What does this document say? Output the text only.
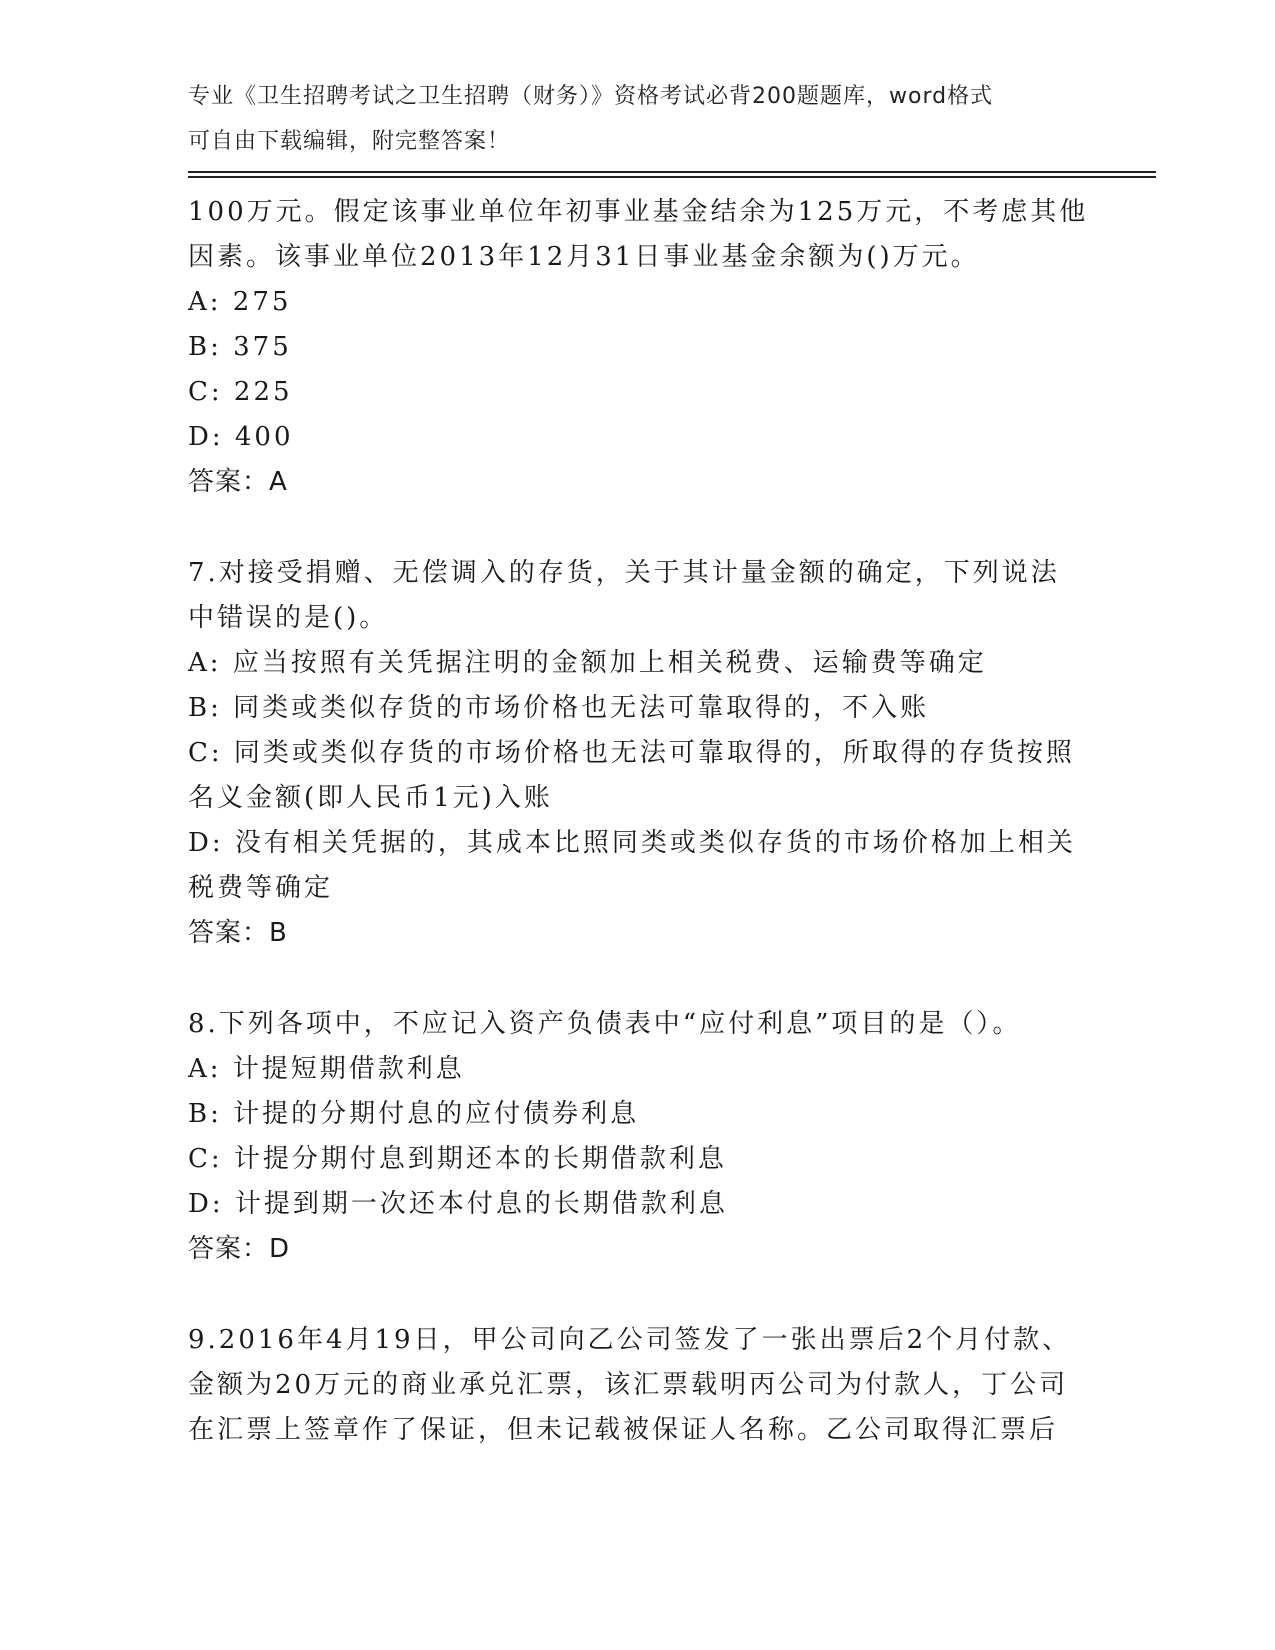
专业《卫生招聘考试之卫生招聘（财务）》资格考试必背200题题库，word格式
可自由下载编辑，附完整答案！
100万元。假定该事业单位年初事业基金结余为125万元，不考虑其他
因素。该事业单位2013年12月31日事业基金余额为()万元。
A: 275
B: 375
C: 225
D: 400
答案：A
7.对接受捐赠、无偿调入的存货，关于其计量金额的确定，下列说法
中错误的是()。
A: 应当按照有关凭据注明的金额加上相关税费、运输费等确定
B: 同类或类似存货的市场价格也无法可靠取得的，不入账
C: 同类或类似存货的市场价格也无法可靠取得的，所取得的存货按照
名义金额(即人民币1元)入账
D: 没有相关凭据的，其成本比照同类或类似存货的市场价格加上相关
税费等确定
答案：B
8.下列各项中，不应记入资产负债表中“应付利息”项目的是（）。
A: 计提短期借款利息
B: 计提的分期付息的应付债券利息
C: 计提分期付息到期还本的长期借款利息
D: 计提到期一次还本付息的长期借款利息
答案：D
9.2016年4月19日，甲公司向乙公司签发了一张出票后2个月付款、
金额为20万元的商业承兑汇票，该汇票载明丙公司为付款人，丁公司
在汇票上签章作了保证，但未记载被保证人名称。乙公司取得汇票后
